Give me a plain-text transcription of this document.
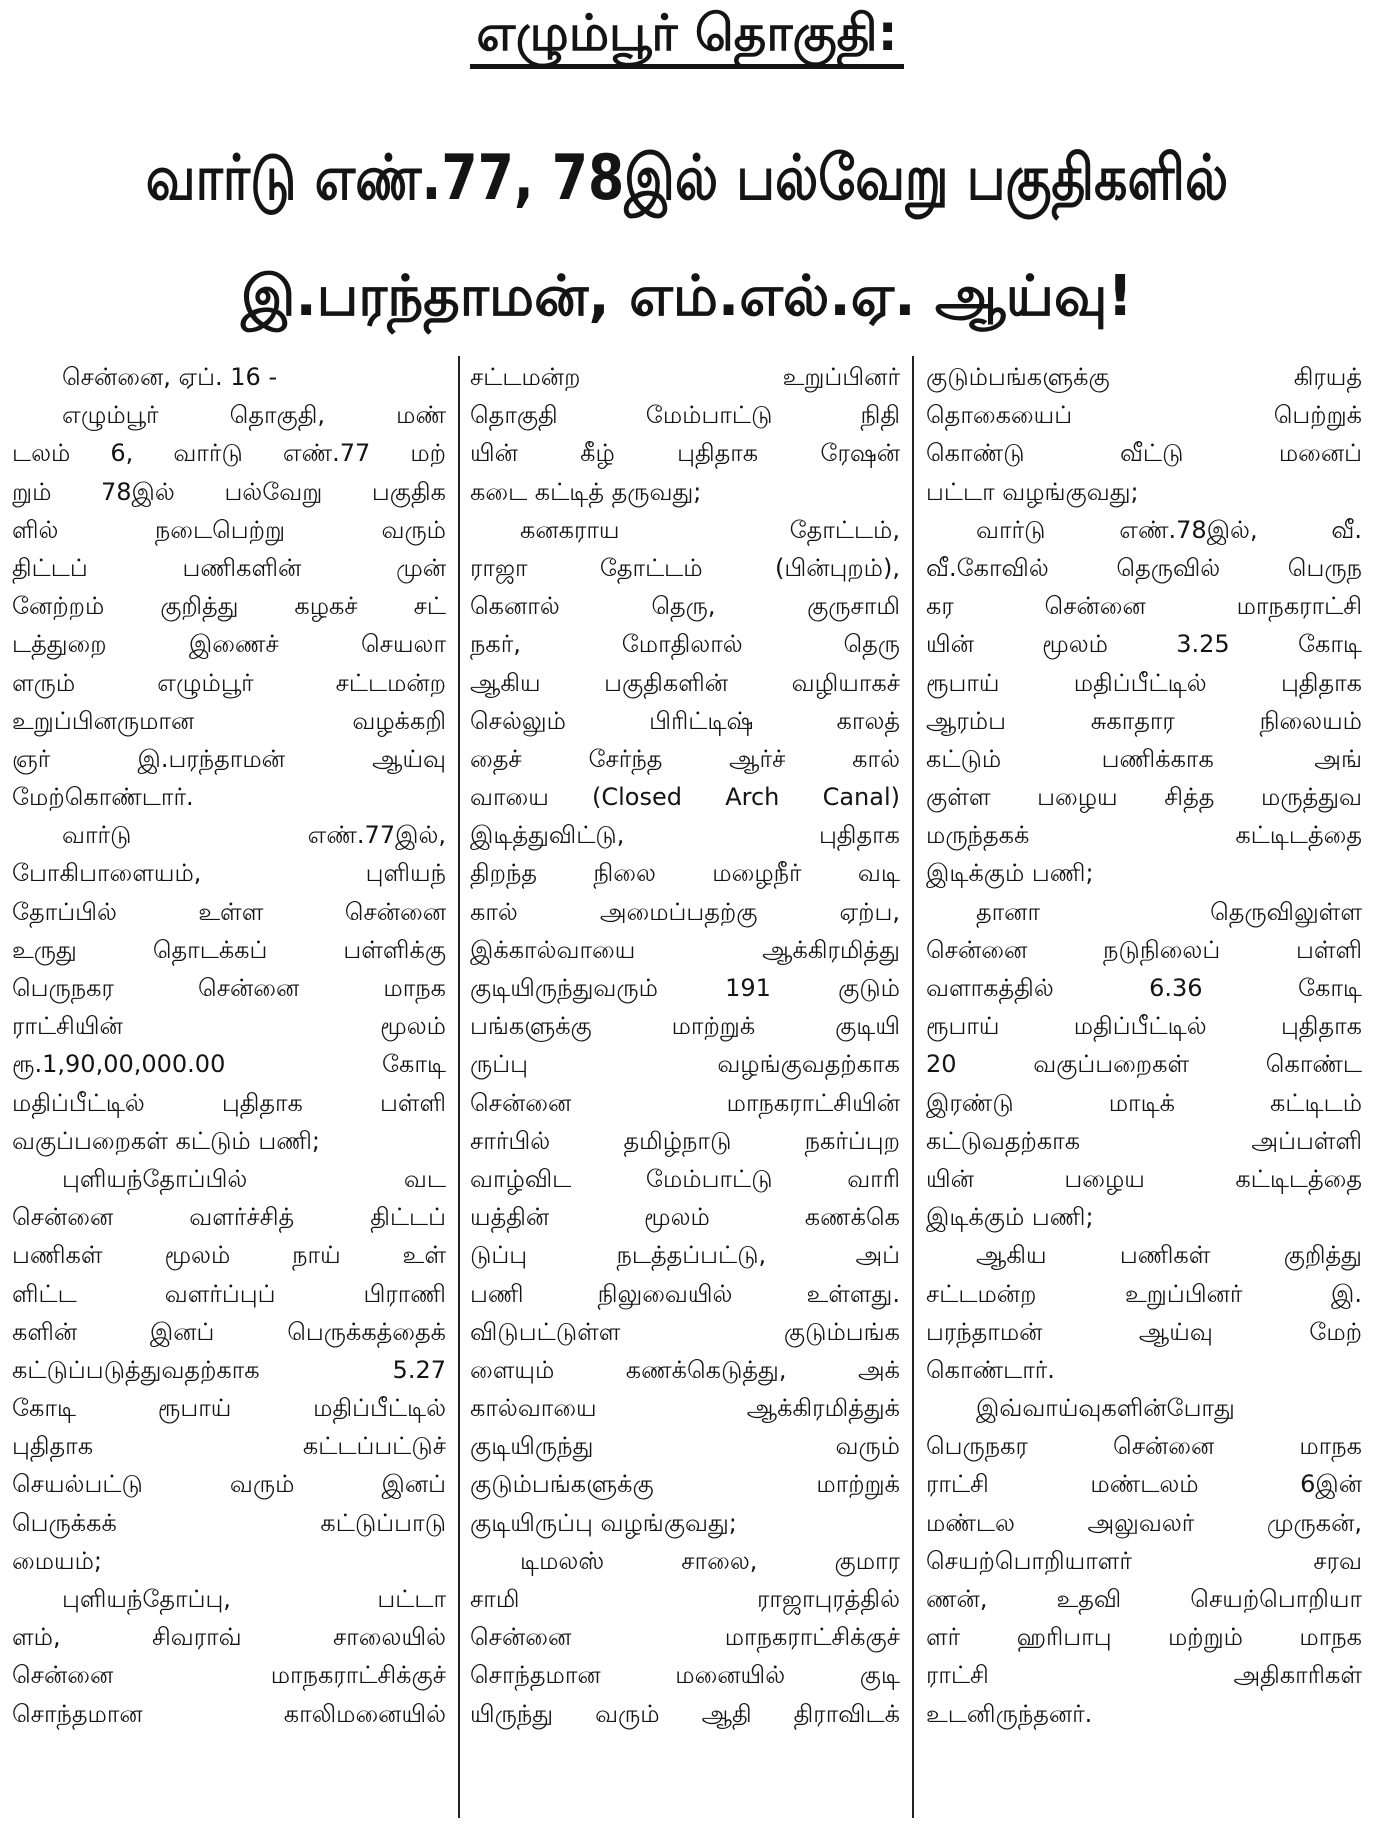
எழும்பூர் தொகுதி:
வார்டு எண்.77, 78இல் பல்வேறு பகுதிகளில்
இ.பரந்தாமன், எம்.எல்.ஏ. ஆய்வு!
சென்னை, ஏப். 16 -
எழும்பூர் தொகுதி, மண்
டலம் 6, வார்டு எண்.77 மற்
றும் 78இல் பல்வேறு பகுதிக
ளில் நடைபெற்று வரும்
திட்டப் பணிகளின் முன்
னேற்றம் குறித்து கழகச் சட்
டத்துறை இணைச் செயலா
ளரும் எழும்பூர் சட்டமன்ற
உறுப்பினருமான வழக்கறி
ஞர் இ.பரந்தாமன் ஆய்வு
மேற்கொண்டார்.
வார்டு எண்.77இல்,
போகிபாளையம், புளியந்
தோப்பில் உள்ள சென்னை
உருது தொடக்கப் பள்ளிக்கு
பெருநகர சென்னை மாநக
ராட்சியின் மூலம்
ரூ.1,90,00,000.00 கோடி
மதிப்பீட்டில் புதிதாக பள்ளி
வகுப்பறைகள் கட்டும் பணி;
புளியந்தோப்பில் வட
சென்னை வளர்ச்சித் திட்டப்
பணிகள் மூலம் நாய் உள்
ளிட்ட வளர்ப்புப் பிராணி
களின் இனப் பெருக்கத்தைக்
கட்டுப்படுத்துவதற்காக 5.27
கோடி ரூபாய் மதிப்பீட்டில்
புதிதாக கட்டப்பட்டுச்
செயல்பட்டு வரும் இனப்
பெருக்கக் கட்டுப்பாடு
மையம்;
புளியந்தோப்பு, பட்டா
ளம், சிவராவ் சாலையில்
சென்னை மாநகராட்சிக்குச்
சொந்தமான காலிமனையில்
சட்டமன்ற உறுப்பினர்
தொகுதி மேம்பாட்டு நிதி
யின் கீழ் புதிதாக ரேஷன்
கடை கட்டித் தருவது;
கனகராய தோட்டம்,
ராஜா தோட்டம் (பின்புறம்),
கெனால் தெரு, குருசாமி
நகர், மோதிலால் தெரு
ஆகிய பகுதிகளின் வழியாகச்
செல்லும் பிரிட்டிஷ் காலத்
தைச் சேர்ந்த ஆர்ச் கால்
வாயை (Closed Arch Canal)
இடித்துவிட்டு, புதிதாக
திறந்த நிலை மழைநீர் வடி
கால் அமைப்பதற்கு ஏற்ப,
இக்கால்வாயை ஆக்கிரமித்து
குடியிருந்துவரும் 191 குடும்
பங்களுக்கு மாற்றுக் குடியி
ருப்பு வழங்குவதற்காக
சென்னை மாநகராட்சியின்
சார்பில் தமிழ்நாடு நகர்ப்புற
வாழ்விட மேம்பாட்டு வாரி
யத்தின் மூலம் கணக்கெ
டுப்பு நடத்தப்பட்டு, அப்
பணி நிலுவையில் உள்ளது.
விடுபட்டுள்ள குடும்பங்க
ளையும் கணக்கெடுத்து, அக்
கால்வாயை ஆக்கிரமித்துக்
குடியிருந்து வரும்
குடும்பங்களுக்கு மாற்றுக்
குடியிருப்பு வழங்குவது;
டிமலஸ் சாலை, குமார
சாமி ராஜாபுரத்தில்
சென்னை மாநகராட்சிக்குச்
சொந்தமான மனையில் குடி
யிருந்து வரும் ஆதி திராவிடக்
குடும்பங்களுக்கு கிரயத்
தொகையைப் பெற்றுக்
கொண்டு வீட்டு மனைப்
பட்டா வழங்குவது;
வார்டு எண்.78இல், வீ.
வீ.கோவில் தெருவில் பெருந
கர சென்னை மாநகராட்சி
யின் மூலம் 3.25 கோடி
ரூபாய் மதிப்பீட்டில் புதிதாக
ஆரம்ப சுகாதார நிலையம்
கட்டும் பணிக்காக அங்
குள்ள பழைய சித்த மருத்துவ
மருந்தகக் கட்டிடத்தை
இடிக்கும் பணி;
தானா தெருவிலுள்ள
சென்னை நடுநிலைப் பள்ளி
வளாகத்தில் 6.36 கோடி
ரூபாய் மதிப்பீட்டில் புதிதாக
20 வகுப்பறைகள் கொண்ட
இரண்டு மாடிக் கட்டிடம்
கட்டுவதற்காக அப்பள்ளி
யின் பழைய கட்டிடத்தை
இடிக்கும் பணி;
ஆகிய பணிகள் குறித்து
சட்டமன்ற உறுப்பினர் இ.
பரந்தாமன் ஆய்வு மேற்
கொண்டார்.
இவ்வாய்வுகளின்போது
பெருநகர சென்னை மாநக
ராட்சி மண்டலம் 6இன்
மண்டல அலுவலர் முருகன்,
செயற்பொறியாளர் சரவ
ணன், உதவி செயற்பொறியா
ளர் ஹரிபாபு மற்றும் மாநக
ராட்சி அதிகாரிகள்
உடனிருந்தனர்.
